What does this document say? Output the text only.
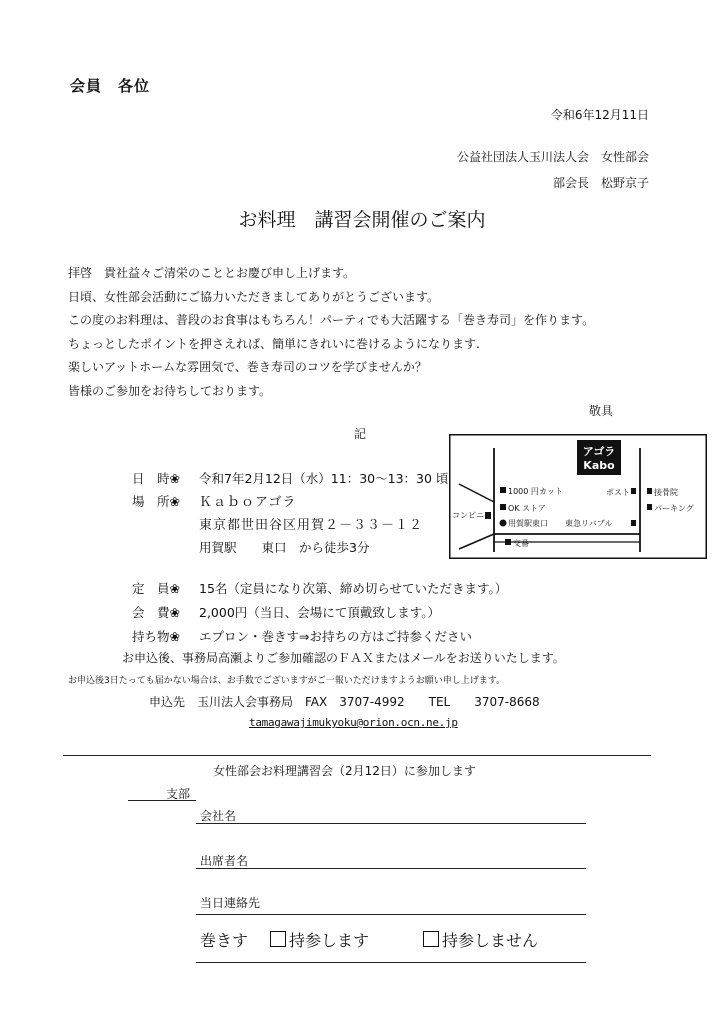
会員　各位
令和6年12月11日
公益社団法人玉川法人会　女性部会
部会長　松野京子
お料理　講習会開催のご案内
拝啓　貴社益々ご清栄のこととお慶び申し上げます。
日頃、女性部会活動にご協力いただきましてありがとうございます。
この度のお料理は、普段のお食事はもちろん！パーティでも大活躍する「巻き寿司」を作ります。
ちょっとしたポイントを押さえれば、簡単にきれいに巻けるようになります.
楽しいアットホームな雰囲気で、巻き寿司のコツを学びませんか？
皆様のご参加をお待ちしております。
敬具
記
日　時❀ 令和7年2月12日（水）11：30〜13：30 頃
場　所❀ Ｋａｂｏアゴラ
東京都世田谷区用賀２－３３－１２
用賀駅　　東口　から徒歩3分
アゴラ
Kabo
1000 円カット	ポスト	接骨院
OK ストア	パーキング
コンビニ
用賀駅東口 東急リバブル
交番
定　員❀ 15名（定員になり次第、締め切らせていただきます。）
会　費❀ 2,000円（当日、会場にて頂戴致します。）
持ち物❀ エプロン・巻きす⇒お持ちの方はご持参ください
お申込後、事務局高瀬よりご参加確認のＦＡＸまたはメールをお送りいたします。
お申込後3日たっても届かない場合は、お手数でございますがご一報いただけますようお願い申し上げます。
申込先　玉川法人会事務局　FAX　3707-4992　　TEL　　3707-8668
tamagawajimukyoku@orion.ocn.ne.jp
女性部会お料理講習会（2月12日）に参加します
支部
会社名
出席者名
当日連絡先
巻きす	持参します	持参しません
